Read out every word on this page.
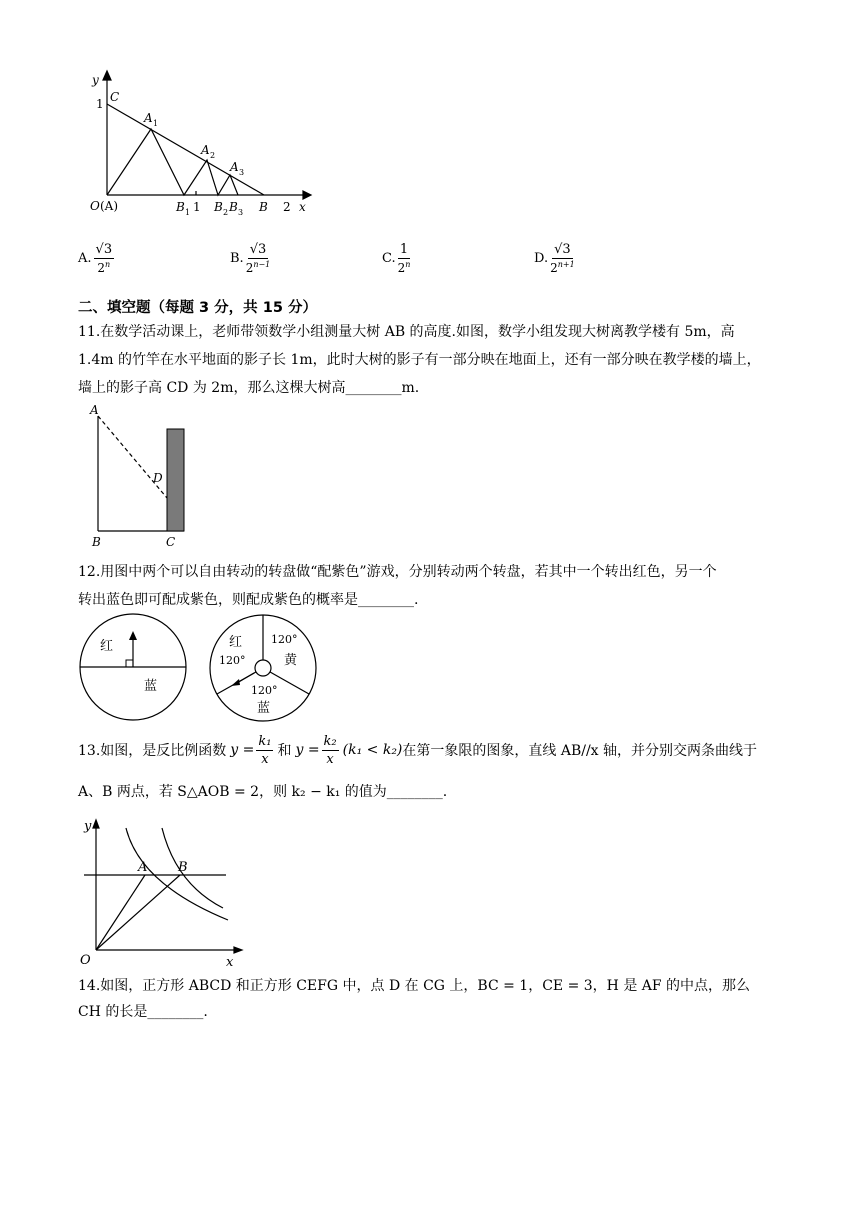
y
1 C
A 1
A 2
A 3
O (A)	B 1 1 B 2 B 3 B 2 x
A. $\frac{√3}{2^n}$	B. $\frac{√3}{2^{n-1}}$	C. $\frac{1}{2^n}$	D. $\frac{√3}{2^{n+1}}$
二、填空题（每题 3 分，共 15 分）
11.在数学活动课上，老师带领数学小组测量大树 AB 的高度.如图，数学小组发现大树离教学楼有 5m，高
1.4m 的竹竿在水平地面的影子长 1m，此时大树的影子有一部分映在地面上，还有一部分映在教学楼的墙上，
墙上的影子高 CD 为 2m，那么这棵大树高________m.
A
D
B	C
12.用图中两个可以自由转动的转盘做“配紫色”游戏，分别转动两个转盘，若其中一个转出红色，另一个
转出蓝色即可配成紫色，则配成紫色的概率是________.
红
蓝
红
120°
120°
黄
120°
蓝
13.如图，是反比例函数 $y = \frac{\text{k₁}}{x}$ 和 $y = \frac{\text{k₂}}{x} (k_1 < k_2)$ 在第一象限的图象，直线 AB//x 轴，并分别交两条曲线于
A、B 两点，若 S△AOB = 2，则 k₂ − k₁ 的值为________.
y
A B
O	x
14.如图，正方形 ABCD 和正方形 CEFG 中，点 D 在 CG 上，BC = 1，CE = 3，H 是 AF 的中点，那么
CH 的长是________.
